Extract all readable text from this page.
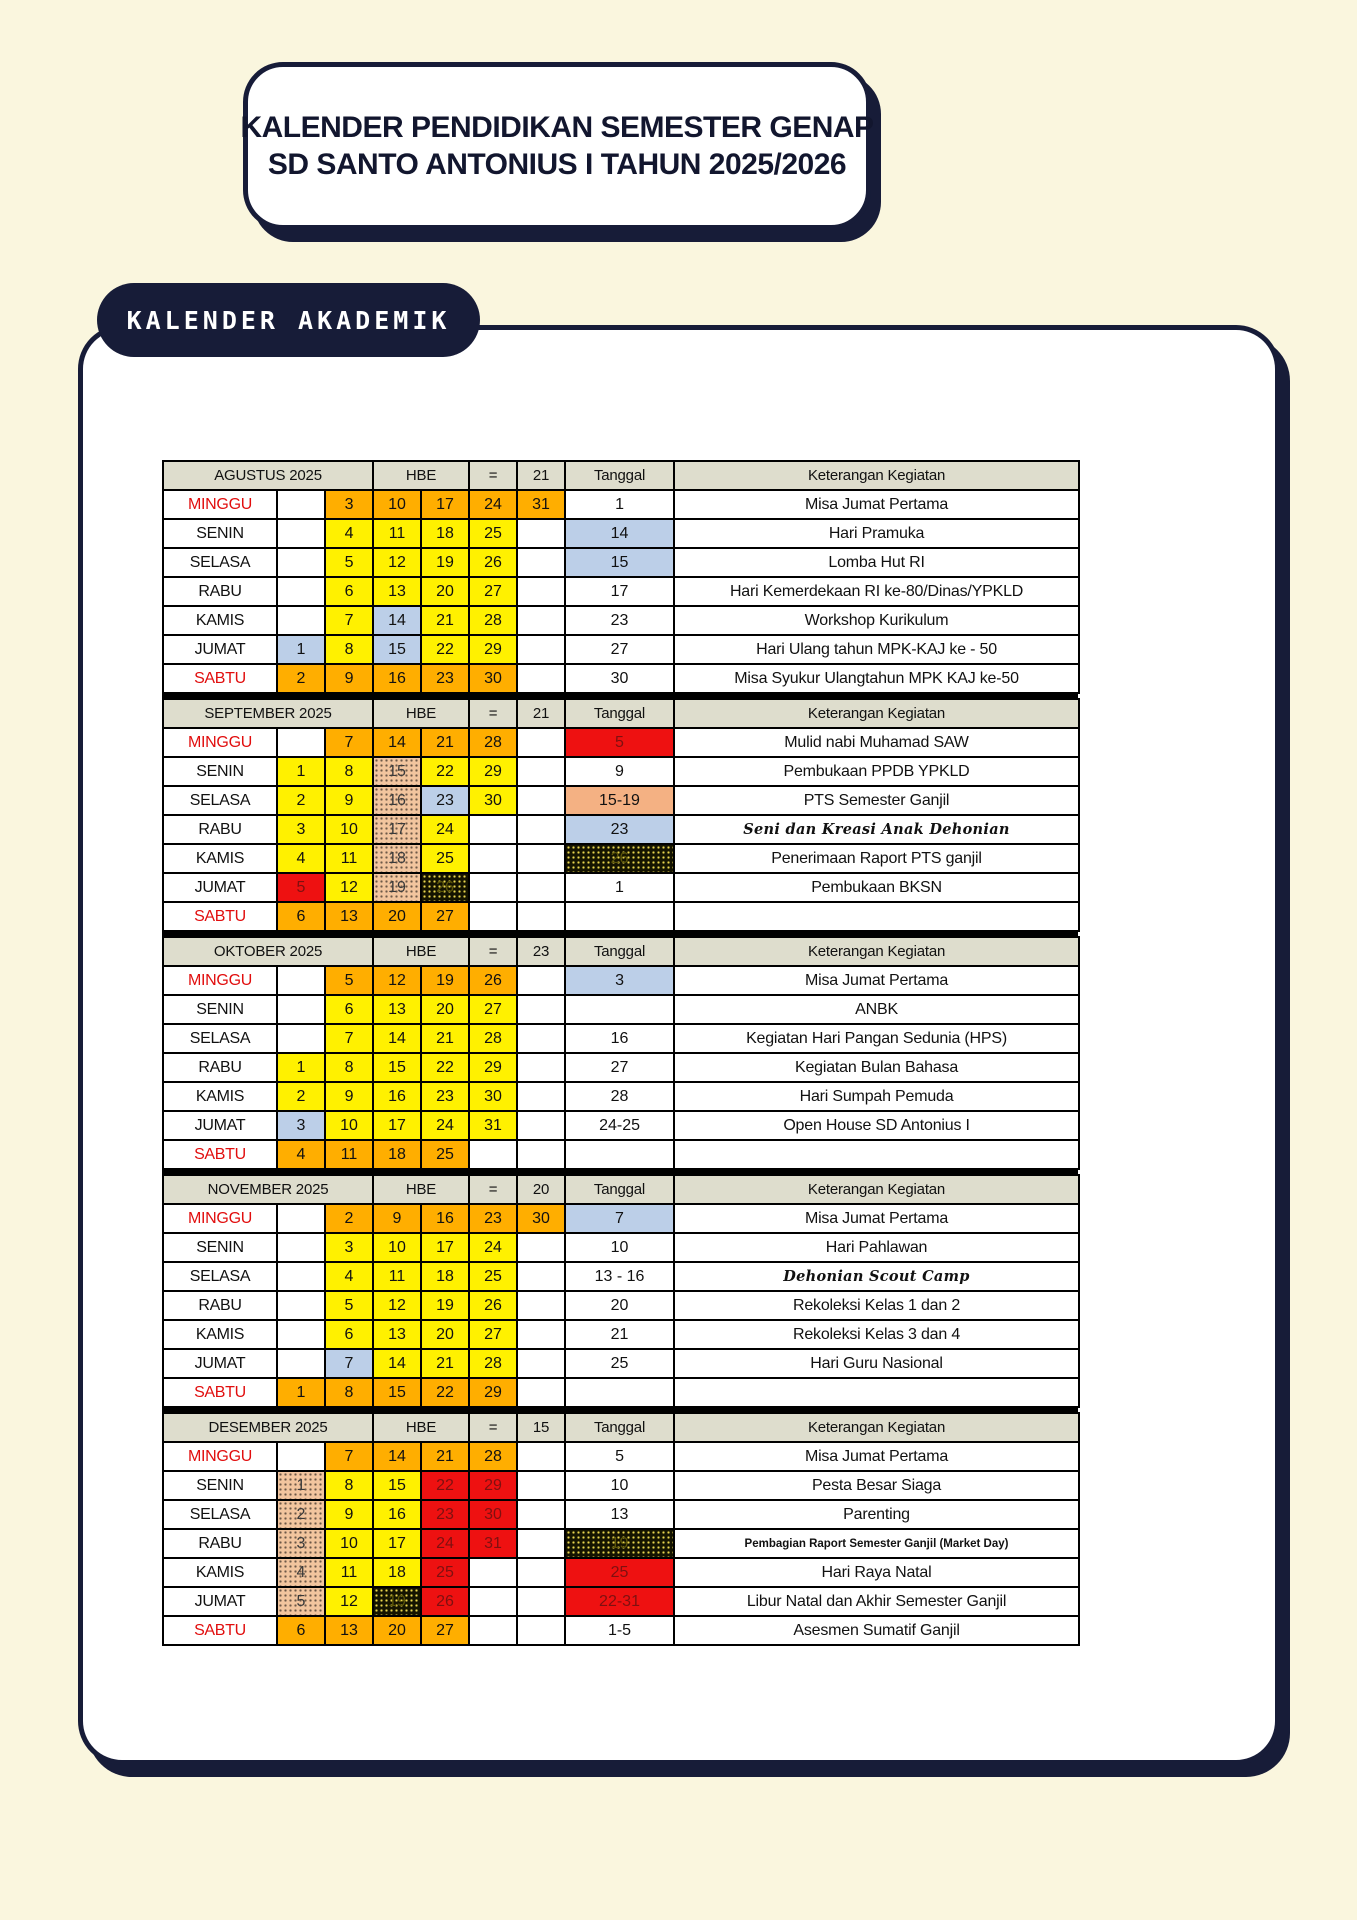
KALENDER PENDIDIKAN SEMESTER GENAP
SD SANTO ANTONIUS I TAHUN 2025/2026
KALENDER AKADEMIK
AGUSTUS 2025			HBE		=	21	Tanggal	Keterangan Kegiatan
MINGGU		3	10	17	24	31	1	Misa Jumat Pertama
SENIN		4	11	18	25		14	Hari Pramuka
SELASA		5	12	19	26		15	Lomba Hut RI
RABU		6	13	20	27		17	Hari Kemerdekaan RI ke-80/Dinas/YPKLD
KAMIS		7	14	21	28		23	Workshop Kurikulum
JUMAT	1	8	15	22	29		27	Hari Ulang tahun MPK-KAJ ke - 50
SABTU	2	9	16	23	30		30	Misa Syukur Ulangtahun MPK KAJ ke-50
SEPTEMBER 2025			HBE		=	21	Tanggal	Keterangan Kegiatan
MINGGU		7	14	21	28		5	Mulid nabi Muhamad SAW
SENIN	1	8	15	22	29		9	Pembukaan PPDB YPKLD
SELASA	2	9	16	23	30		15-19	PTS Semester Ganjil
RABU	3	10	17	24			23	Seni dan Kreasi Anak Dehonian
KAMIS	4	11	18	25			26	Penerimaan Raport PTS ganjil
JUMAT	5	12	19	26			1	Pembukaan BKSN
SABTU	6	13	20	27				
OKTOBER 2025			HBE		=	23	Tanggal	Keterangan Kegiatan
MINGGU		5	12	19	26		3	Misa Jumat Pertama
SENIN		6	13	20	27			ANBK
SELASA		7	14	21	28		16	Kegiatan Hari Pangan Sedunia (HPS)
RABU	1	8	15	22	29		27	Kegiatan Bulan Bahasa
KAMIS	2	9	16	23	30		28	Hari Sumpah Pemuda
JUMAT	3	10	17	24	31		24-25	Open House SD Antonius I
SABTU	4	11	18	25				
NOVEMBER 2025			HBE		=	20	Tanggal	Keterangan Kegiatan
MINGGU		2	9	16	23	30	7	Misa Jumat Pertama
SENIN		3	10	17	24		10	Hari Pahlawan
SELASA		4	11	18	25		13 - 16	Dehonian Scout Camp
RABU		5	12	19	26		20	Rekoleksi Kelas 1 dan 2
KAMIS		6	13	20	27		21	Rekoleksi Kelas 3 dan 4
JUMAT		7	14	21	28		25	Hari Guru Nasional
SABTU	1	8	15	22	29			
DESEMBER 2025			HBE		=	15	Tanggal	Keterangan Kegiatan
MINGGU		7	14	21	28		5	Misa Jumat Pertama
SENIN	1	8	15	22	29		10	Pesta Besar Siaga
SELASA	2	9	16	23	30		13	Parenting
RABU	3	10	17	24	31		19	Pembagian Raport Semester Ganjil (Market Day)
KAMIS	4	11	18	25			25	Hari Raya Natal
JUMAT	5	12	19	26			22-31	Libur Natal dan Akhir Semester Ganjil
SABTU	6	13	20	27			1-5	Asesmen Sumatif Ganjil
